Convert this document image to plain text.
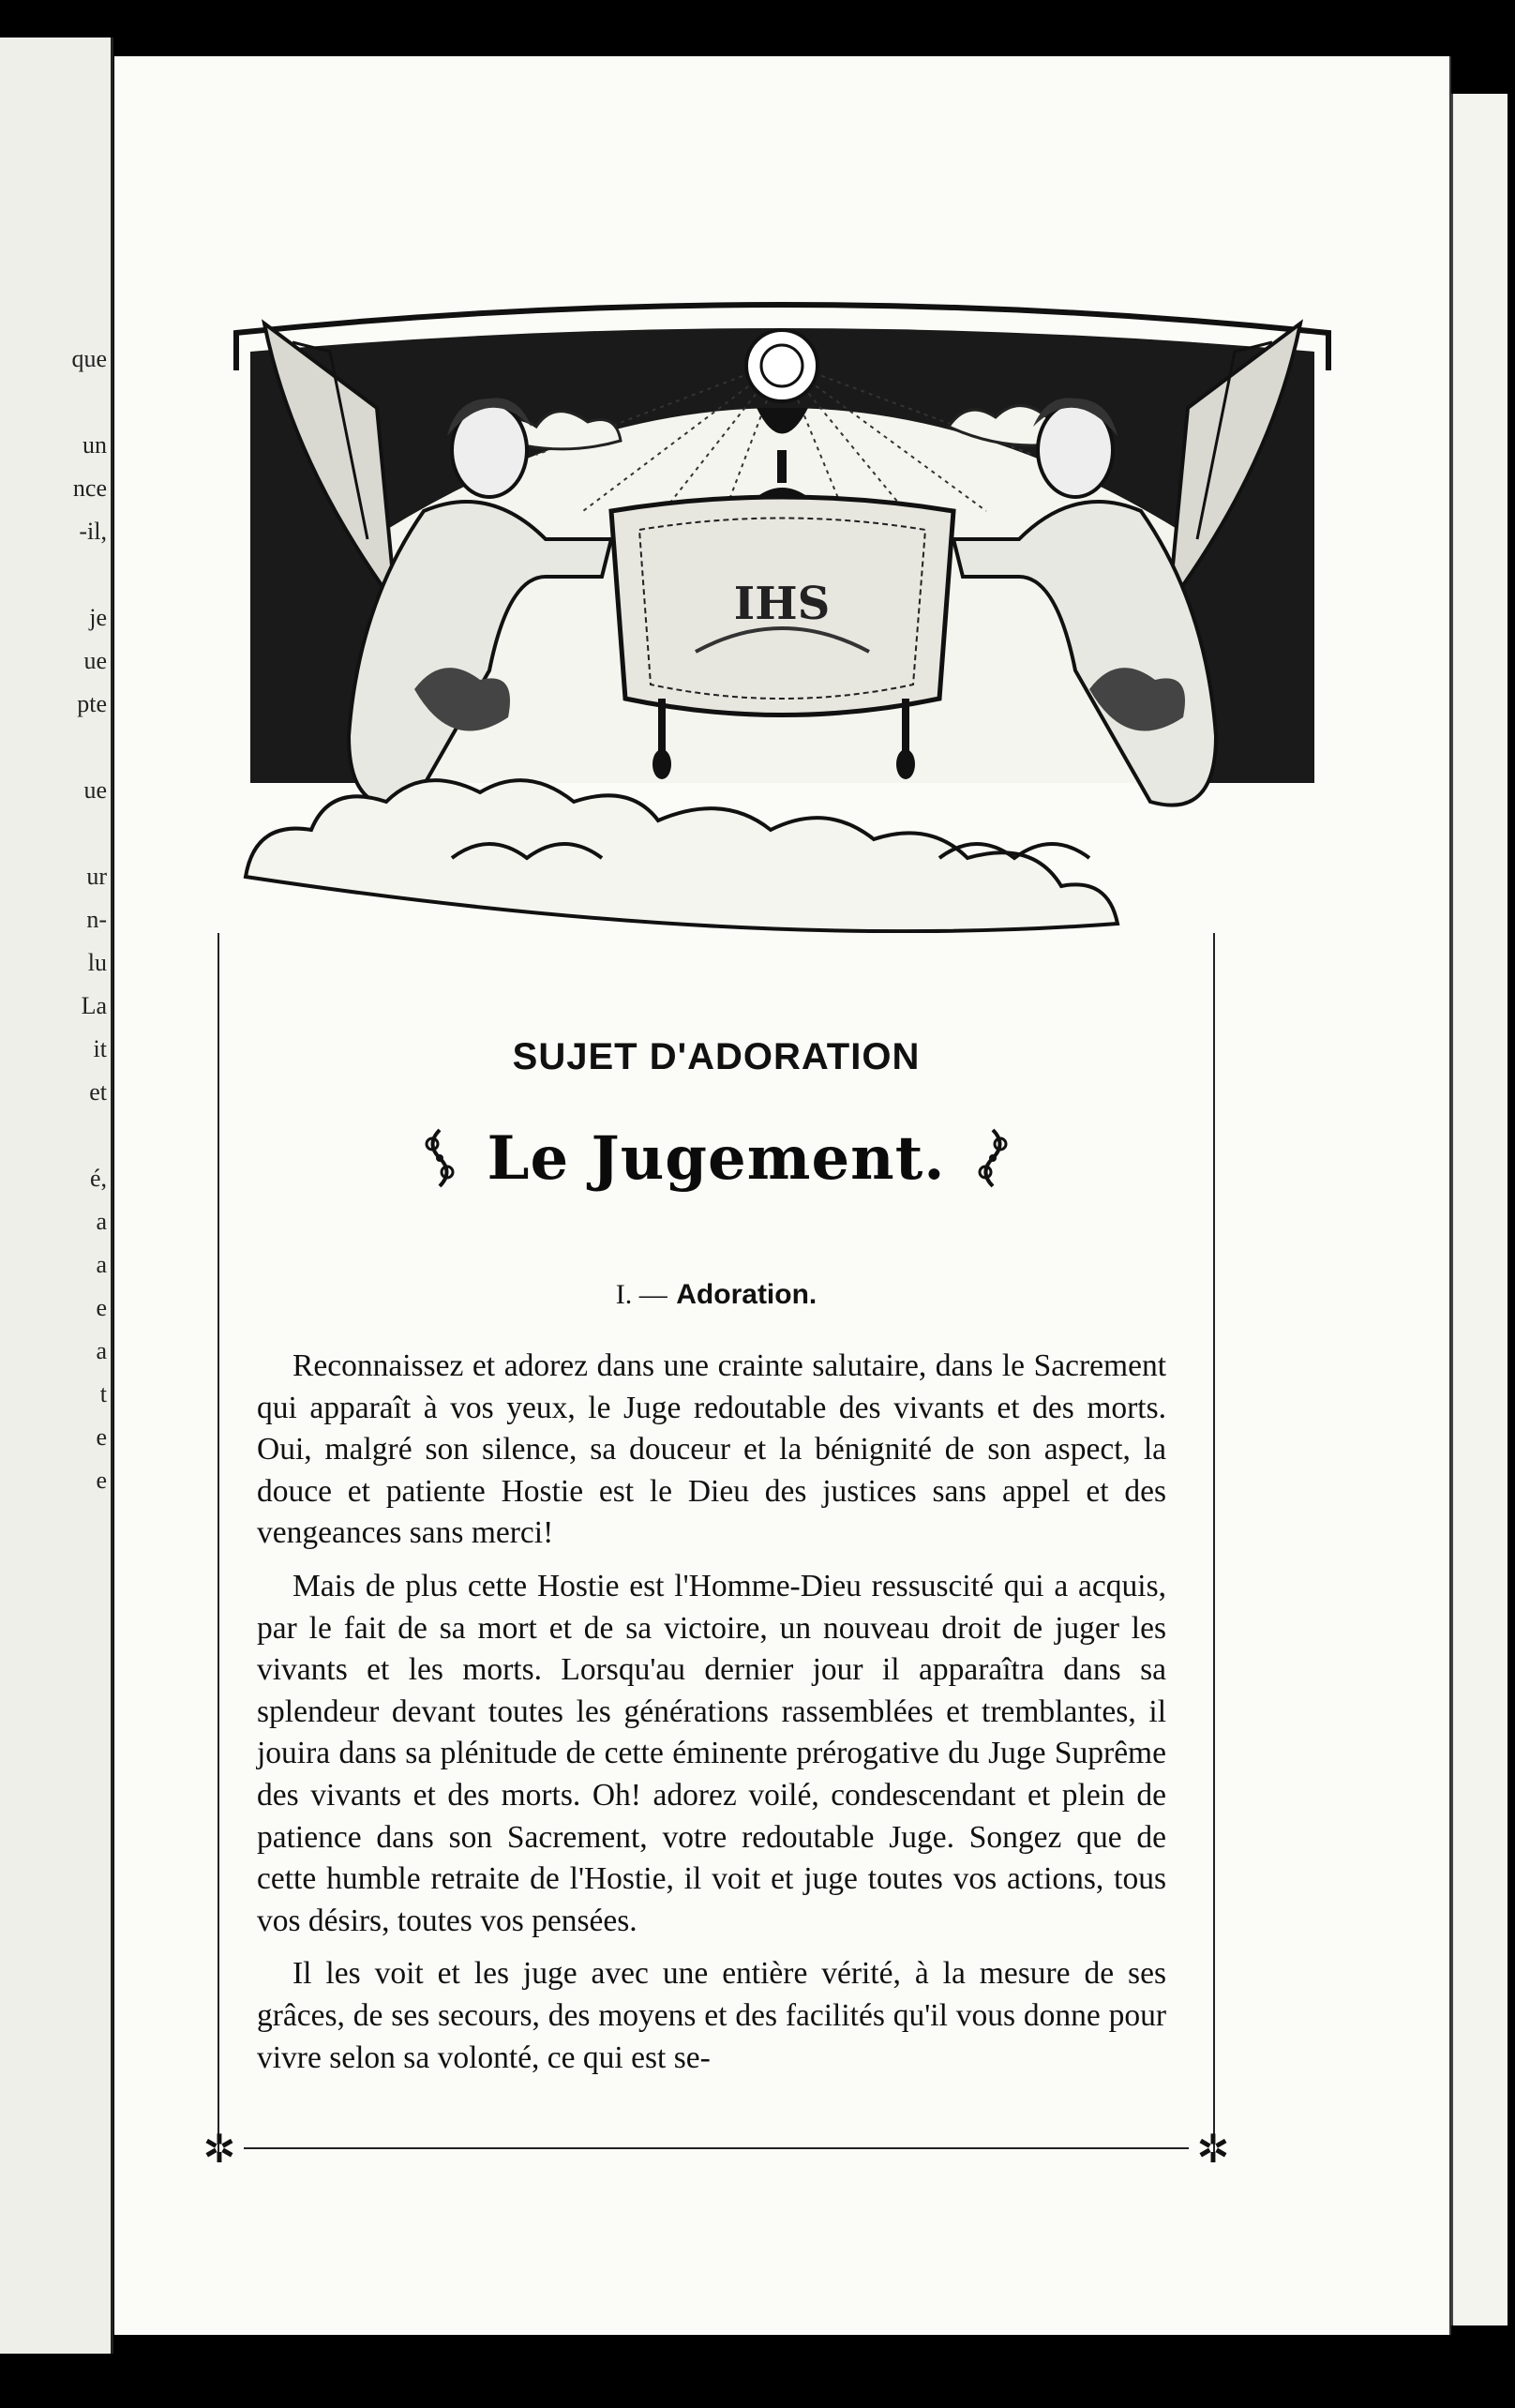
que
un
nce
-il,
je
ue
pte
ue
ur
n-
lu
La
it
et
é,
a
a
e
a
t
e
e
IHS
✲	✲
SUJET D'ADORATION
Le Jugement.
I. — Adoration.

Reconnaissez et adorez dans une crainte salutaire, dans le Sacrement qui apparaît à vos yeux, le Juge redoutable des vivants et des morts. Oui, malgré son silence, sa douceur et la bénignité de son aspect, la douce et patiente Hostie est le Dieu des justices sans appel et des vengeances sans merci!

Mais de plus cette Hostie est l'Homme-Dieu ressuscité qui a acquis, par le fait de sa mort et de sa victoire, un nouveau droit de juger les vivants et les morts. Lorsqu'au dernier jour il apparaîtra dans sa splendeur devant toutes les générations rassemblées et tremblantes, il jouira dans sa plénitude de cette éminente prérogative du Juge Suprême des vivants et des morts. Oh! adorez voilé, condescendant et plein de patience dans son Sacrement, votre redoutable Juge. Songez que de cette humble retraite de l'Hostie, il voit et juge toutes vos actions, tous vos désirs, toutes vos pensées.

Il les voit et les juge avec une entière vérité, à la mesure de ses grâces, de ses secours, des moyens et des facilités qu'il vous donne pour vivre selon sa volonté, ce qui est se-
